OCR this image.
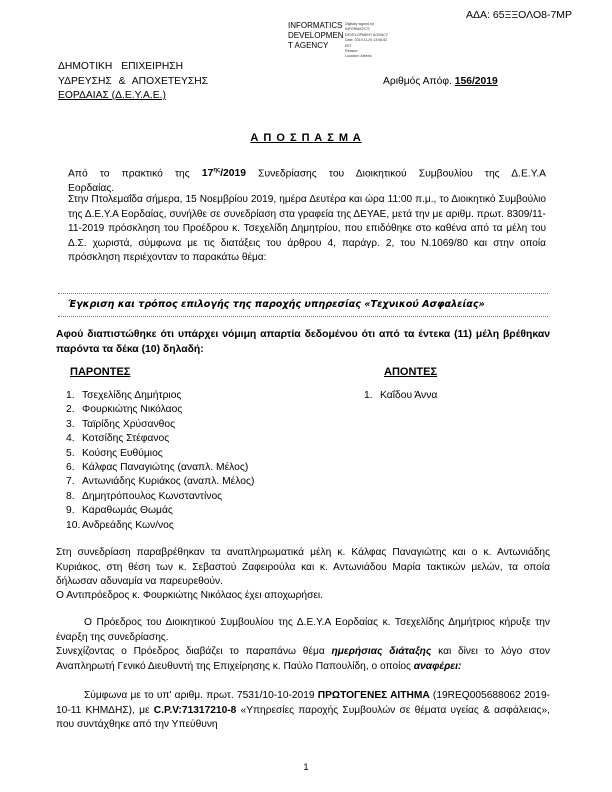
ΑΔΑ: 65ΞΞΟΛΟ8-7ΜΡ
INFORMATICS
DEVELOPMEN
T AGENCY
Digitally signed by
INFORMATICS
DEVELOPMENT AGENCY
Date: 2019.11.29 13:56:52
EET
Reason:
Location: Athens
ΔΗΜΟΤΙΚΗ ΕΠΙΧΕΙΡΗΣΗ
ΥΔΡΕΥΣΗΣ & ΑΠΟΧΕΤΕΥΣΗΣ
ΕΟΡΔΑΙΑΣ (Δ.Ε.Υ.Α.Ε.)
Αριθμός Απόφ. 156/2019
Α Π Ο Σ Π Α Σ Μ Α
Από το πρακτικό της $17^{\eta\varsigma}/2019$ Συνεδρίασης του Διοικητικού Συμβουλίου της Δ.Ε.Υ.Α
Εορδαίας.
Στην Πτολεμαΐδα σήμερα, 15 Νοεμβρίου 2019, ημέρα Δευτέρα και ώρα 11:00 π.μ., το Διοικητικό Συμβούλιο της Δ.Ε.Υ.Α Εορδαίας, συνήλθε σε συνεδρίαση στα γραφεία της ΔΕΥΑΕ, μετά την με αριθμ. πρωτ. 8309/11-11-2019 πρόσκληση του Προέδρου κ. Τσεχελίδη Δημητρίου, που επιδόθηκε στο καθένα από τα μέλη του Δ.Σ. χωριστά, σύμφωνα με τις διατάξεις του άρθρου 4, παράγρ. 2, του Ν.1069/80 και στην οποία πρόσκληση περιέχονταν το παρακάτω θέμα:
Έγκριση και τρόπος επιλογής της παροχής υπηρεσίας «Τεχνικού Ασφαλείας»
Αφού διαπιστώθηκε ότι υπάρχει νόμιμη απαρτία δεδομένου ότι από τα έντεκα (11) μέλη βρέθηκαν παρόντα τα δέκα (10) δηλαδή:
ΠΑΡΟΝΤΕΣ
1. Τσεχελίδης Δημήτριος
2. Φουρκιώτης Νικόλαος
3. Ταϊρίδης Χρύσανθος
4. Κοτσίδης Στέφανος
5. Κούσης Ευθύμιος
6. Κάλφας Παναγιώτης (αναπλ. Μέλος)
7. Αντωνιάδης Κυριάκος (αναπλ. Μέλος)
8. Δημητρόπουλος Κωνσταντίνος
9. Καραθωμάς Θωμάς
10. Ανδρεάδης Κων/νος
ΑΠΟΝΤΕΣ
1. Καΐδου Άννα
Στη συνεδρίαση παραβρέθηκαν τα αναπληρωματικά μέλη κ. Κάλφας Παναγιώτης και ο κ. Αντωνιάδης Κυριάκος, στη θέση των κ. Σεβαστού Ζαφειρούλα και κ. Αντωνιάδου Μαρία τακτικών μελών, τα οποία δήλωσαν αδυναμία να παρευρεθούν.
Ο Αντιπρόεδρος κ. Φουρκιώτης Νικόλαος έχει αποχωρήσει.
Ο Πρόεδρος του Διοικητικού Συμβουλίου της Δ.Ε.Υ.Α Εορδαίας κ. Τσεχελίδης Δημήτριος κήρυξε την έναρξη της συνεδρίασης.
Συνεχίζοντας ο Πρόεδρος διαβάζει το παραπάνω θέμα ημερήσιας διάταξης και δίνει το λόγο στον Αναπληρωτή Γενικό Διευθυντή της Επιχείρησης κ. Παύλο Παπουλίδη, ο οποίος αναφέρει:
Σύμφωνα με το υπ' αριθμ. πρωτ. 7531/10-10-2019 ΠΡΩΤΟΓΕΝΕΣ ΑΙΤΗΜΑ (19REQ005688062 2019-10-11 ΚΗΜΔΗΣ), με C.P.V:71317210-8 «Υπηρεσίες παροχής Συμβουλών σε θέματα υγείας & ασφάλειας», που συντάχθηκε από την Υπεύθυνη
1
